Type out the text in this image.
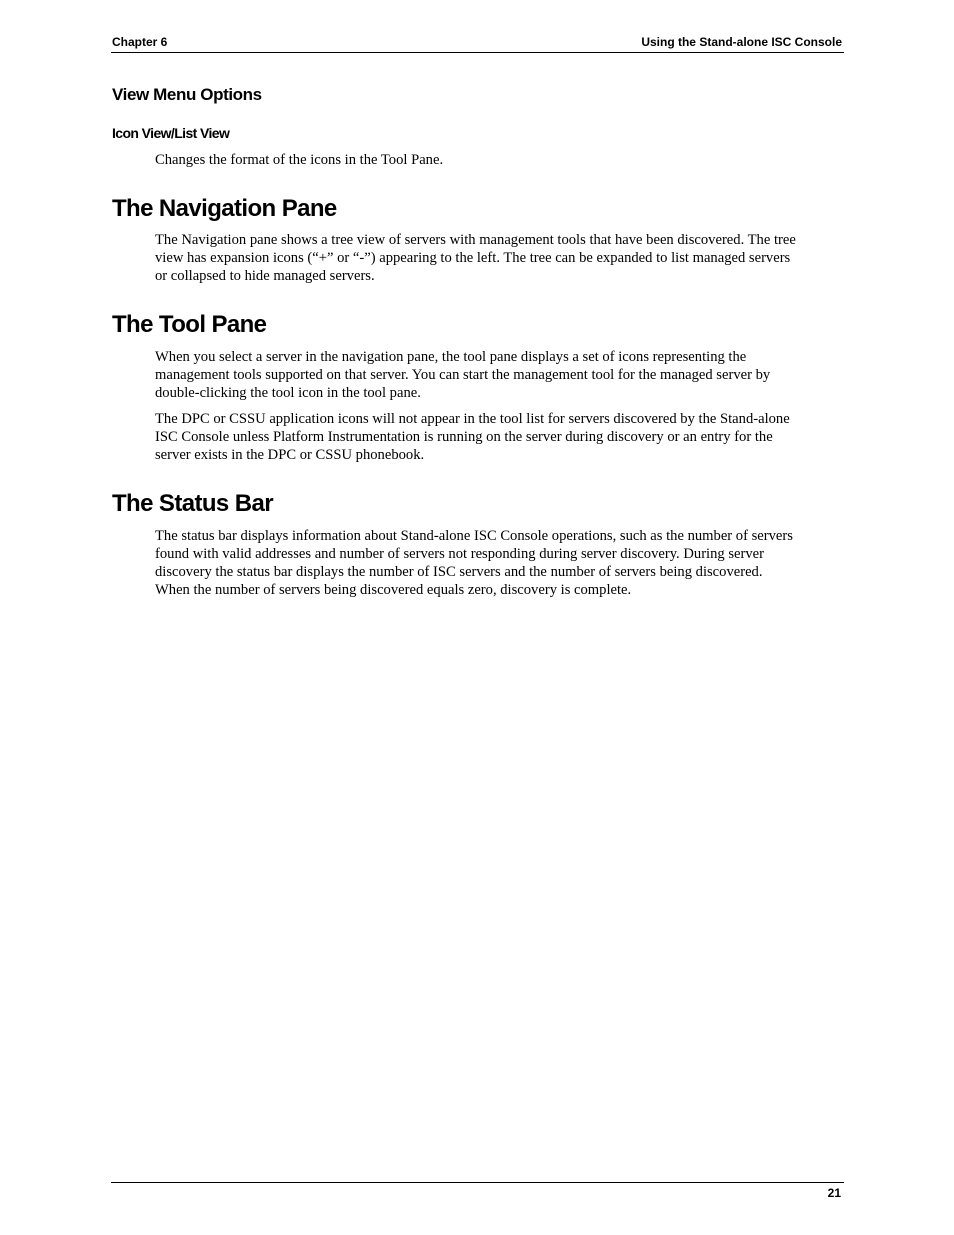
Chapter 6	Using the Stand-alone ISC Console
View Menu Options
Icon View/List View

Changes the format of the icons in the Tool Pane.

The Navigation Pane
The Navigation pane shows a tree view of servers with management tools that have been discovered. The tree
view has expansion icons (“+” or “-”) appearing to the left. The tree can be expanded to list managed servers
or collapsed to hide managed servers.
The Tool Pane
When you select a server in the navigation pane, the tool pane displays a set of icons representing the
management tools supported on that server. You can start the management tool for the managed server by
double-clicking the tool icon in the tool pane.
The DPC or CSSU application icons will not appear in the tool list for servers discovered by the Stand-alone
ISC Console unless Platform Instrumentation is running on the server during discovery or an entry for the
server exists in the DPC or CSSU phonebook.
The Status Bar
The status bar displays information about Stand-alone ISC Console operations, such as the number of servers
found with valid addresses and number of servers not responding during server discovery. During server
discovery the status bar displays the number of ISC servers and the number of servers being discovered.
When the number of servers being discovered equals zero, discovery is complete.
21
